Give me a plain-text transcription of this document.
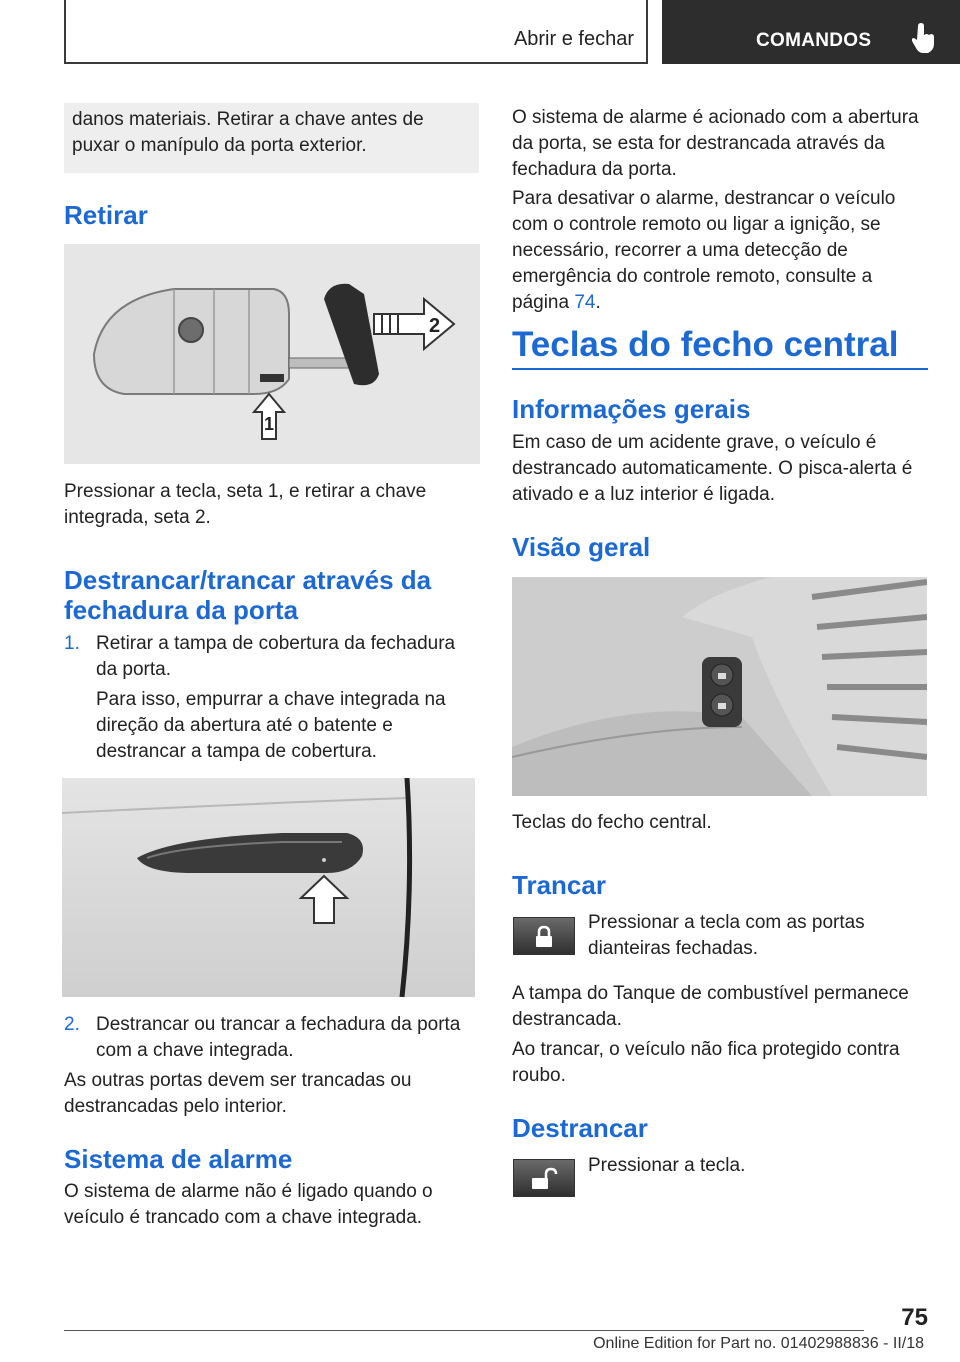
Abrir e fechar	COMANDOS

danos materiais. Retirar a chave antes de puxar o manípulo da porta exterior.

Retirar
2
1

Pressionar a tecla, seta 1, e retirar a chave integrada, seta 2.

Destrancar/trancar através da fechadura da porta
1. Retirar a tampa de cobertura da fechadura da porta.

Para isso, empurrar a chave integrada na direção da abertura até o batente e destrancar a tampa de cobertura.

2. Destrancar ou trancar a fechadura da porta com a chave integrada.

As outras portas devem ser trancadas ou destrancadas pelo interior.

Sistema de alarme

O sistema de alarme não é ligado quando o veículo é trancado com a chave integrada.

O sistema de alarme é acionado com a abertura da porta, se esta for destrancada através da fechadura da porta.

Para desativar o alarme, destrancar o veículo com o controle remoto ou ligar a ignição, se necessário, recorrer a uma detecção de emergência do controle remoto, consulte a página 74.

Teclas do fecho central
Informações gerais

Em caso de um acidente grave, o veículo é destrancado automaticamente. O pisca-alerta é ativado e a luz interior é ligada.

Visão geral

Teclas do fecho central.

Trancar

Pressionar a tecla com as portas dianteiras fechadas.

A tampa do Tanque de combustível permanece destrancada.

Ao trancar, o veículo não fica protegido contra roubo.

Destrancar

Pressionar a tecla.

75
Online Edition for Part no. 01402988836 - II/18
